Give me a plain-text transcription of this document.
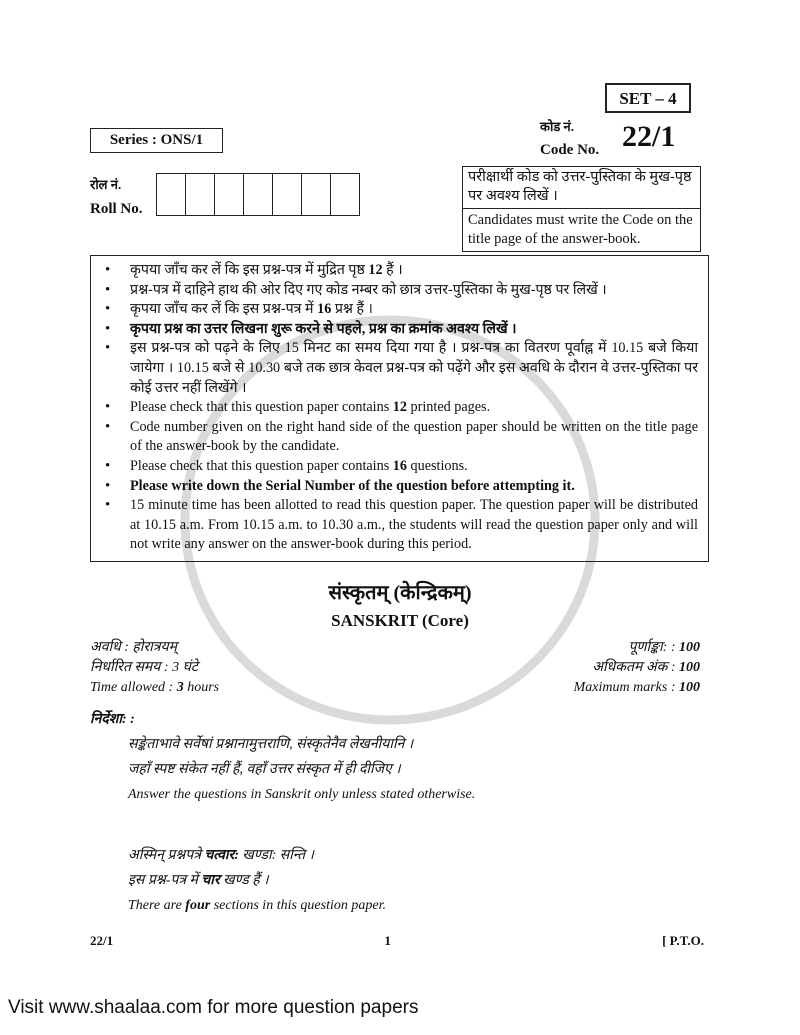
SET – 4
Series : ONS/1
कोड नं.
Code No. 22/1
रोल नं.
Roll No.
परीक्षार्थी कोड को उत्तर-पुस्तिका के मुख-पृष्ठ पर अवश्य लिखें ।
Candidates must write the Code on the title page of the answer-book.
• कृपया जाँच कर लें कि इस प्रश्न-पत्र में मुद्रित पृष्ठ 12 हैं ।
• प्रश्न-पत्र में दाहिने हाथ की ओर दिए गए कोड नम्बर को छात्र उत्तर-पुस्तिका के मुख-पृष्ठ पर लिखें ।
• कृपया जाँच कर लें कि इस प्रश्न-पत्र में 16 प्रश्न हैं ।
• कृपया प्रश्न का उत्तर लिखना शुरू करने से पहले, प्रश्न का क्रमांक अवश्य लिखें ।
• इस प्रश्न-पत्र को पढ़ने के लिए 15 मिनट का समय दिया गया है । प्रश्न-पत्र का वितरण पूर्वाह्न में 10.15 बजे किया जायेगा । 10.15 बजे से 10.30 बजे तक छात्र केवल प्रश्न-पत्र को पढ़ेंगे और इस अवधि के दौरान वे उत्तर-पुस्तिका पर कोई उत्तर नहीं लिखेंगे ।
• Please check that this question paper contains 12 printed pages.
• Code number given on the right hand side of the question paper should be written on the title page of the answer-book by the candidate.
• Please check that this question paper contains 16 questions.
• Please write down the Serial Number of the question before attempting it.
• 15 minute time has been allotted to read this question paper. The question paper will be distributed at 10.15 a.m. From 10.15 a.m. to 10.30 a.m., the students will read the question paper only and will not write any answer on the answer-book during this period.
संस्कृतम् (केन्द्रिकम्)
SANSKRIT (Core)
अवधि : होरात्रयम्
निर्धारित समय : 3 घंटे
Time allowed : 3 hours
पूर्णाङ्का: : 100
अधिकतम अंक : 100
Maximum marks : 100
निर्देशा: :
सङ्केताभावे सर्वेषां प्रश्नानामुत्तराणि, संस्कृतेनैव लेखनीयानि ।
जहाँ स्पष्ट संकेत नहीं हैं, वहाँ उत्तर संस्कृत में ही दीजिए ।
Answer the questions in Sanskrit only unless stated otherwise.
अस्मिन् प्रश्नपत्रे चत्वार: खण्डा: सन्ति ।
इस प्रश्न-पत्र में चार खण्ड हैं ।
There are four sections in this question paper.
22/1	1	[ P.T.O.
Visit www.shaalaa.com for more question papers
